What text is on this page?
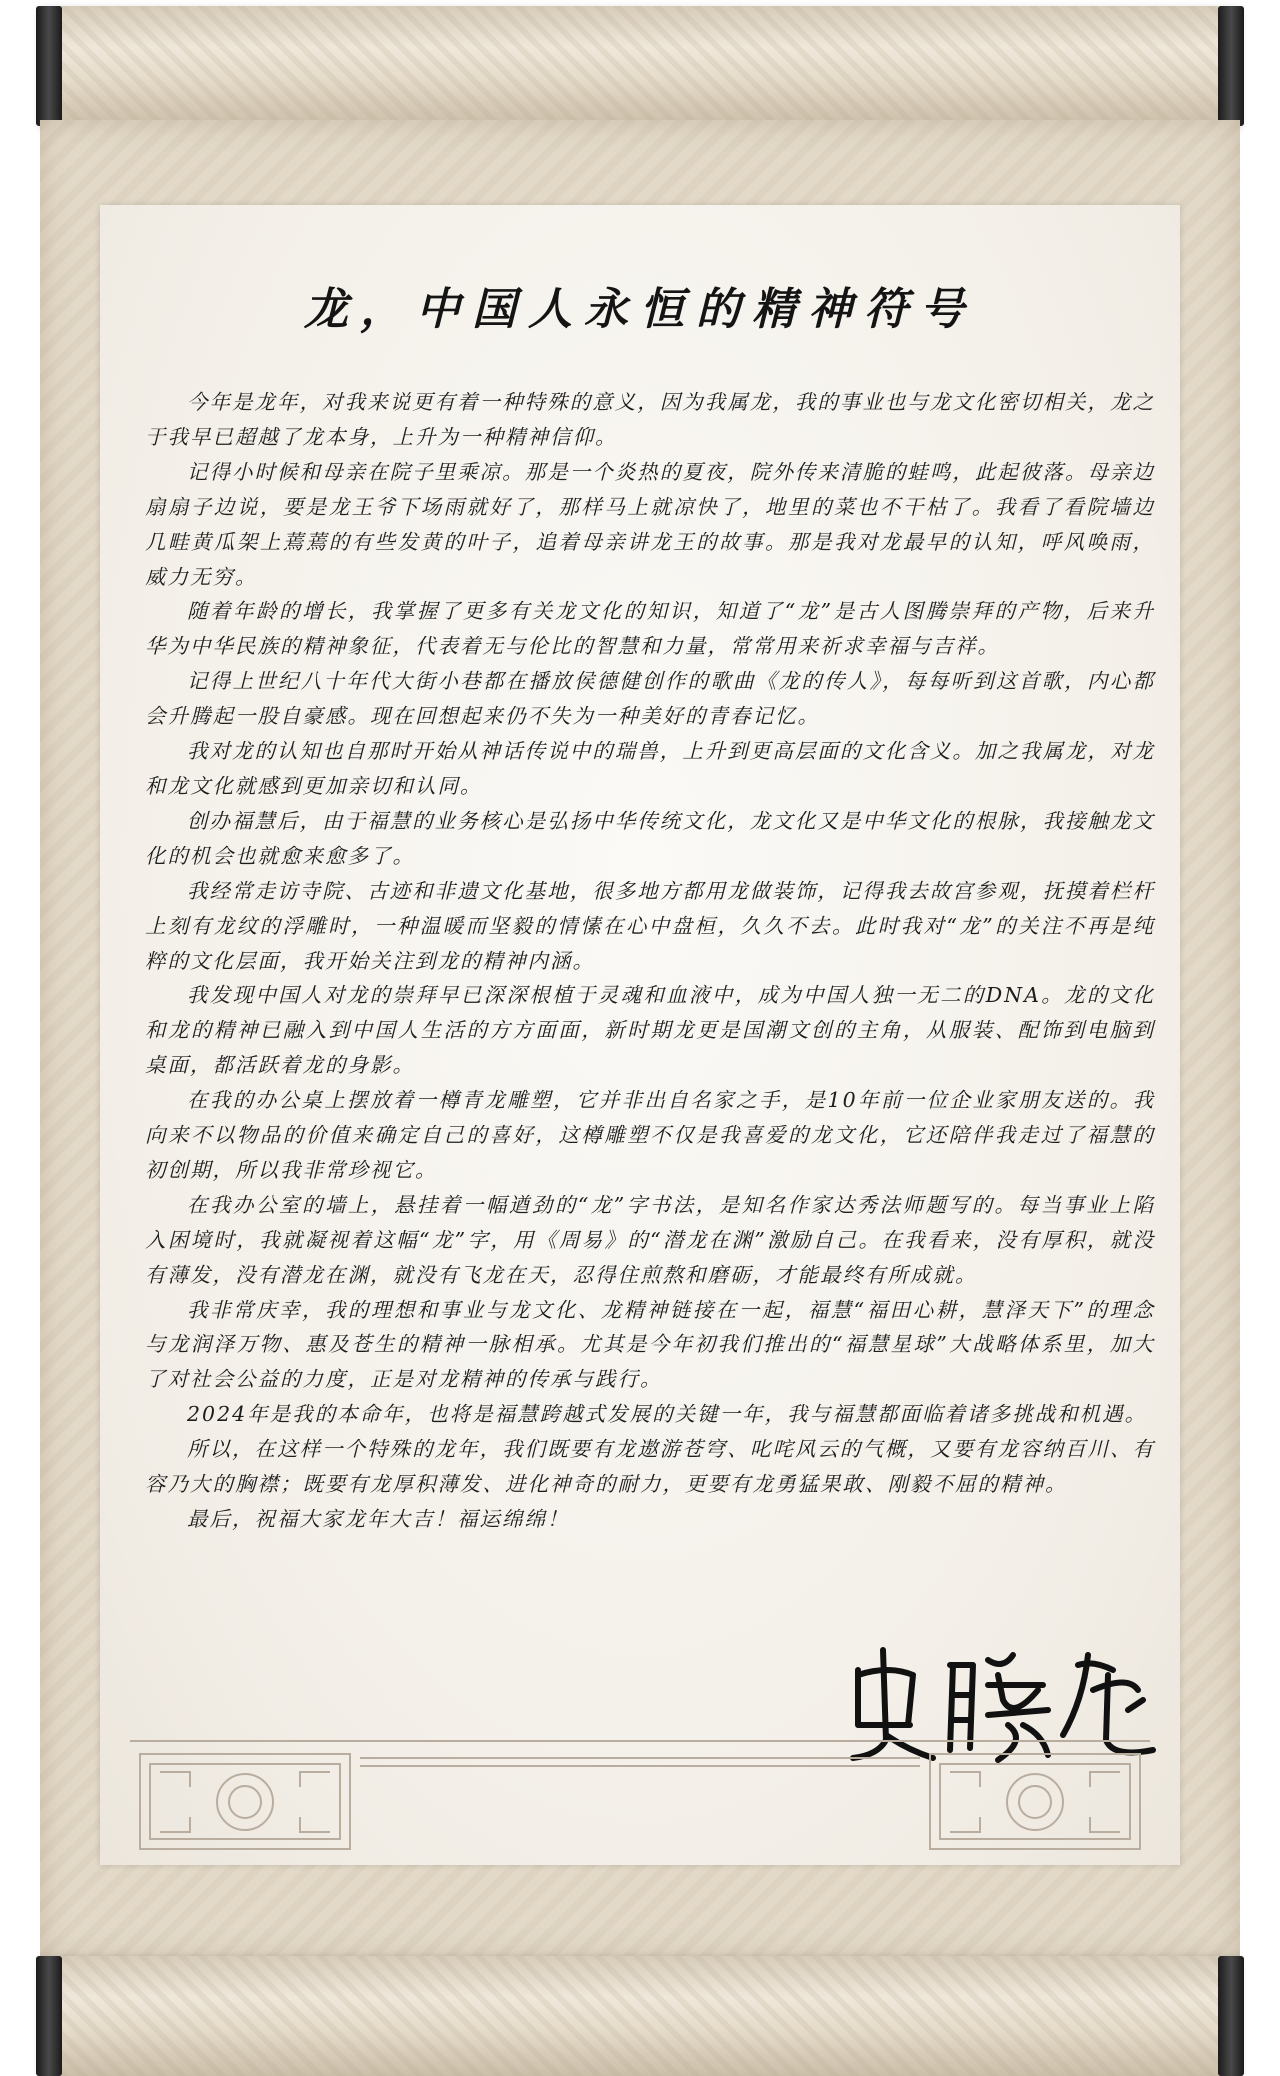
龙，中国人永恒的精神符号

今年是龙年，对我来说更有着一种特殊的意义，因为我属龙，我的事业也与龙文化密切相关，龙之于我早已超越了龙本身，上升为一种精神信仰。

记得小时候和母亲在院子里乘凉。那是一个炎热的夏夜，院外传来清脆的蛙鸣，此起彼落。母亲边扇扇子边说，要是龙王爷下场雨就好了，那样马上就凉快了，地里的菜也不干枯了。我看了看院墙边几畦黄瓜架上蔫蔫的有些发黄的叶子，追着母亲讲龙王的故事。那是我对龙最早的认知，呼风唤雨，威力无穷。

随着年龄的增长，我掌握了更多有关龙文化的知识，知道了“龙”是古人图腾崇拜的产物，后来升华为中华民族的精神象征，代表着无与伦比的智慧和力量，常常用来祈求幸福与吉祥。

记得上世纪八十年代大街小巷都在播放侯德健创作的歌曲《龙的传人》，每每听到这首歌，内心都会升腾起一股自豪感。现在回想起来仍不失为一种美好的青春记忆。

我对龙的认知也自那时开始从神话传说中的瑞兽，上升到更高层面的文化含义。加之我属龙，对龙和龙文化就感到更加亲切和认同。

创办福慧后，由于福慧的业务核心是弘扬中华传统文化，龙文化又是中华文化的根脉，我接触龙文化的机会也就愈来愈多了。

我经常走访寺院、古迹和非遗文化基地，很多地方都用龙做装饰，记得我去故宫参观，抚摸着栏杆上刻有龙纹的浮雕时，一种温暖而坚毅的情愫在心中盘桓，久久不去。此时我对“龙”的关注不再是纯粹的文化层面，我开始关注到龙的精神内涵。

我发现中国人对龙的崇拜早已深深根植于灵魂和血液中，成为中国人独一无二的DNA。龙的文化和龙的精神已融入到中国人生活的方方面面，新时期龙更是国潮文创的主角，从服装、配饰到电脑到桌面，都活跃着龙的身影。

在我的办公桌上摆放着一樽青龙雕塑，它并非出自名家之手，是10年前一位企业家朋友送的。我向来不以物品的价值来确定自己的喜好，这樽雕塑不仅是我喜爱的龙文化，它还陪伴我走过了福慧的初创期，所以我非常珍视它。

在我办公室的墙上，悬挂着一幅遒劲的“龙”字书法，是知名作家达秀法师题写的。每当事业上陷入困境时，我就凝视着这幅“龙”字，用《周易》的“潜龙在渊”激励自己。在我看来，没有厚积，就没有薄发，没有潜龙在渊，就没有飞龙在天，忍得住煎熬和磨砺，才能最终有所成就。

我非常庆幸，我的理想和事业与龙文化、龙精神链接在一起，福慧“福田心耕，慧泽天下”的理念与龙润泽万物、惠及苍生的精神一脉相承。尤其是今年初我们推出的“福慧星球”大战略体系里，加大了对社会公益的力度，正是对龙精神的传承与践行。

2024年是我的本命年，也将是福慧跨越式发展的关键一年，我与福慧都面临着诸多挑战和机遇。

所以，在这样一个特殊的龙年，我们既要有龙遨游苍穹、叱咤风云的气概，又要有龙容纳百川、有容乃大的胸襟；既要有龙厚积薄发、进化神奇的耐力，更要有龙勇猛果敢、刚毅不屈的精神。

最后，祝福大家龙年大吉！福运绵绵！
